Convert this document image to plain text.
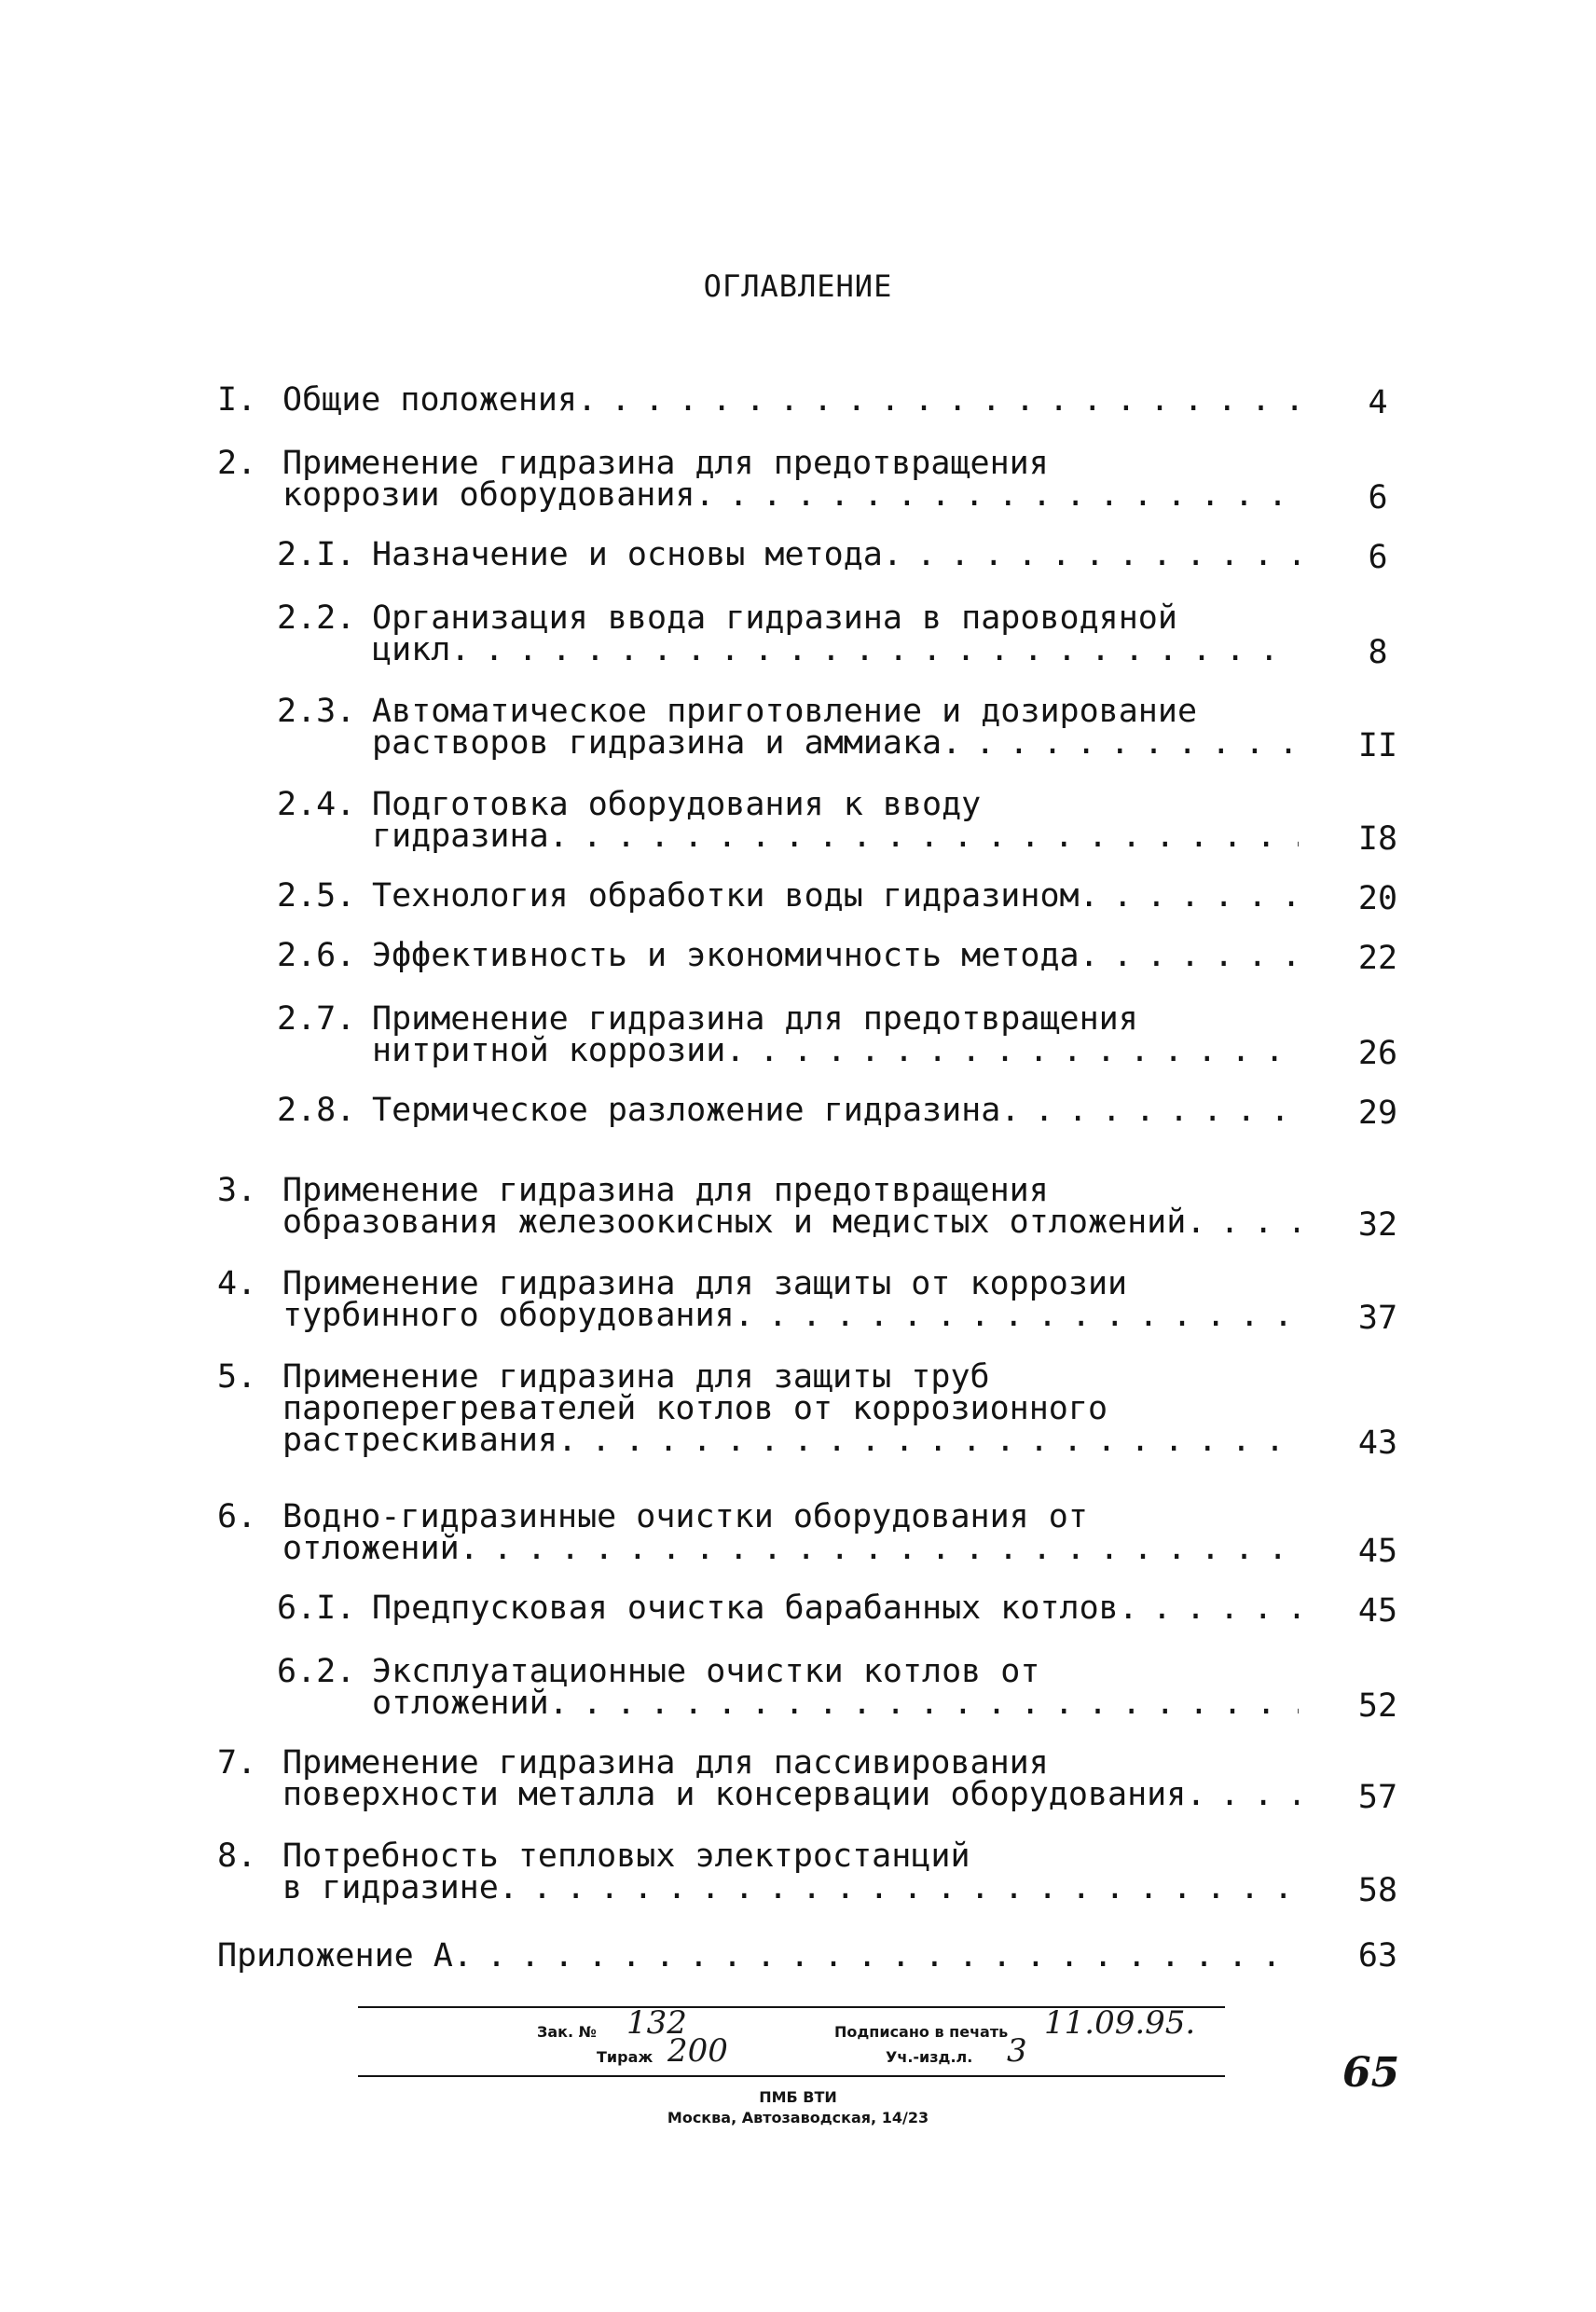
ОГЛАВЛЕНИЕ
I. Общие положения . . .	4
2. Применение гидразина для предотвращения
коррозии оборудования . . .	6
2.I. Назначение и основы метода . . .	6
2.2. Организация ввода гидразина в пароводяной
цикл . . .	8
2.3. Автоматическое приготовление и дозирование
растворов гидразина и аммиака . . .	II
2.4. Подготовка оборудования к вводу
гидразина . . .	I8
2.5. Технология обработки воды гидразином . . .	20
2.6. Эффективность и экономичность метода . . .	22
2.7. Применение гидразина для предотвращения
нитритной коррозии . . .	26
2.8. Термическое разложение гидразина . . .	29
3. Применение гидразина для предотвращения
образования железоокисных и медистых отложений . . .	32
4. Применение гидразина для защиты от коррозии
турбинного оборудования . . .	37
5. Применение гидразина для защиты труб
пароперегревателей котлов от коррозионного
растрескивания . . .	43
6. Водно-гидразинные очистки оборудования от
отложений . . .	45
6.I. Предпусковая очистка барабанных котлов . . .	45
6.2. Эксплуатационные очистки котлов от
отложений . . .	52
7. Применение гидразина для пассивирования
поверхности металла и консервации оборудования . . .	57
8. Потребность тепловых электростанций
в гидразине . . .	58
Приложение А . . .	63
Зак. № 132
Тираж 200
Подписано в печать 11.09.95.
Уч.-изд.л. 3
ПМБ ВТИ
Москва, Автозаводская, 14/23
65
